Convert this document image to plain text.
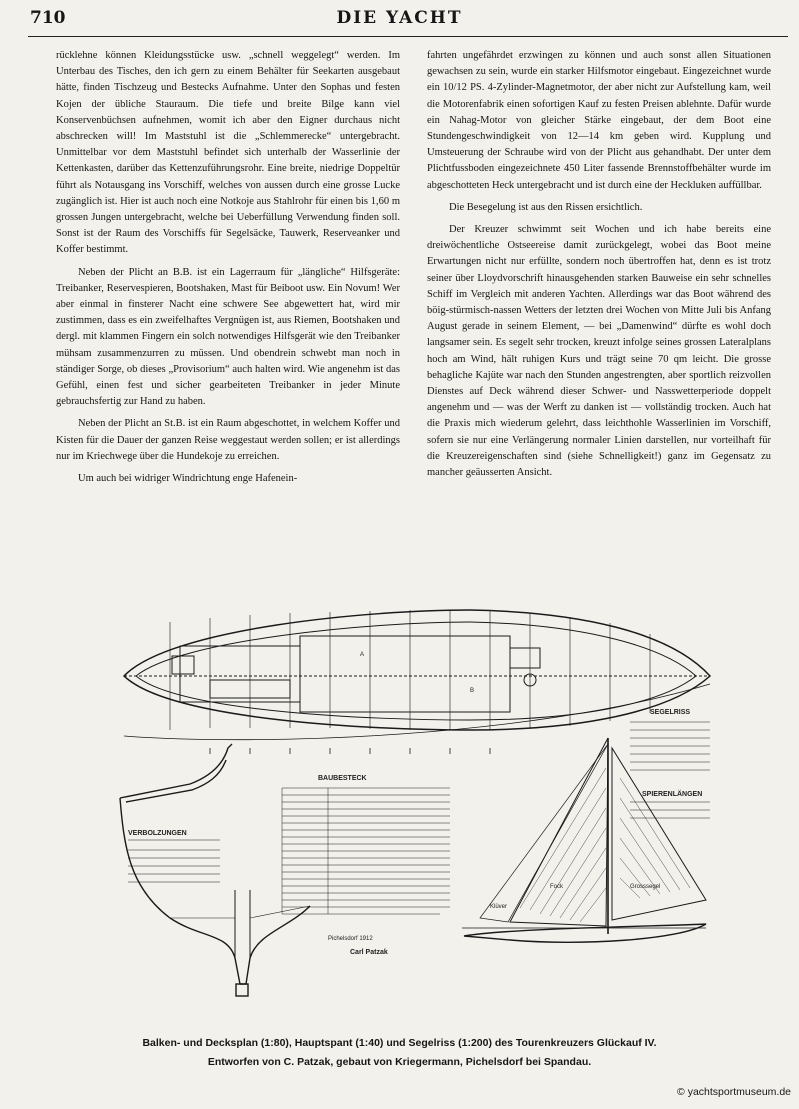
710	DIE YACHT

rücklehne können Kleidungsstücke usw. „schnell weggelegt“ werden. Im Unterbau des Tisches, den ich gern zu einem Behälter für Seekarten ausgebaut hätte, finden Tischzeug und Bestecks Aufnahme. Unter den Sophas und festen Kojen der übliche Stauraum. Die tiefe und breite Bilge kann viel Konservenbüchsen aufnehmen, womit ich aber den Eigner durchaus nicht abschrecken will! Im Maststuhl ist die „Schlemmerecke“ untergebracht. Unmittelbar vor dem Maststuhl befindet sich unterhalb der Wasserlinie der Kettenkasten, darüber das Kettenzuführungsrohr. Eine breite, niedrige Doppeltür führt als Notausgang ins Vorschiff, welches von aussen durch eine grosse Lucke zugänglich ist. Hier ist auch noch eine Notkoje aus Stahlrohr für einen bis 1,60 m grossen Jungen untergebracht, welche bei Ueberfüllung Verwendung finden soll. Sonst ist der Raum des Vorschiffs für Segelsäcke, Tauwerk, Reserveanker und Koffer bestimmt.

Neben der Plicht an B.B. ist ein Lagerraum für „längliche“ Hilfsgeräte: Treibanker, Reservespieren, Bootshaken, Mast für Beiboot usw. Ein Novum! Wer aber einmal in finsterer Nacht eine schwere See abgewettert hat, wird mir zustimmen, dass es ein zweifelhaftes Vergnügen ist, aus Riemen, Bootshaken und dergl. mit klammen Fingern ein solch notwendiges Hilfsgerät wie den Treibanker mühsam zusammenzurren zu müssen. Und obendrein schwebt man noch in ständiger Sorge, ob dieses „Provisorium“ auch halten wird. Wie angenehm ist das Gefühl, einen fest und sicher gearbeiteten Treibanker in jeder Minute gebrauchsfertig zur Hand zu haben.

Neben der Plicht an St.B. ist ein Raum abgeschottet, in welchem Koffer und Kisten für die Dauer der ganzen Reise weggestaut werden sollen; er ist allerdings nur im Kriechwege über die Hundekoje zu erreichen.

Um auch bei widriger Windrichtung enge Hafenein-

fahrten ungefährdet erzwingen zu können und auch sonst allen Situationen gewachsen zu sein, wurde ein starker Hilfsmotor eingebaut. Eingezeichnet wurde ein 10/12 PS. 4-Zylinder-Magnetmotor, der aber nicht zur Aufstellung kam, weil die Motorenfabrik einen sofortigen Kauf zu festen Preisen ablehnte. Dafür wurde ein Nahag-Motor von gleicher Stärke eingebaut, der dem Boot eine Stundengeschwindigkeit von 12—14 km geben wird. Kupplung und Umsteuerung der Schraube wird von der Plicht aus gehandhabt. Der unter dem Plichtfussboden eingezeichnete 450 Liter fassende Brennstoffbehälter wurde im abgeschotteten Heck untergebracht und ist durch eine der Heckluken auffüllbar.

Die Besegelung ist aus den Rissen ersichtlich.

Der Kreuzer schwimmt seit Wochen und ich habe bereits eine dreiwöchentliche Ostseereise damit zurückgelegt, wobei das Boot meine Erwartungen nicht nur erfüllte, sondern noch übertroffen hat, denn es ist trotz seiner über Lloydvorschrift hinausgehenden starken Bauweise ein sehr schnelles Schiff im Vergleich mit anderen Yachten. Allerdings war das Boot während des böig-stürmisch-nassen Wetters der letzten drei Wochen von Mitte Juli bis Anfang August gerade in seinem Element, — bei „Damenwind“ dürfte es wohl doch langsamer sein. Es segelt sehr trocken, kreuzt infolge seines grossen Lateralplans hoch am Wind, hält ruhigen Kurs und trägt seine 70 qm leicht. Die grosse behagliche Kajüte war nach den Stunden angestrengten, aber sportlich reizvollen Dienstes auf Deck während dieser Schwer- und Nasswetterperiode doppelt angenehm und — was der Werft zu danken ist — vollständig trocken. Auch hat die Praxis mich wiederum gelehrt, dass leichthohle Wasserlinien im Vorschiff, sofern sie nur eine Verlängerung normaler Linien darstellen, nur vorteilhaft für die Kreuzereigenschaften sind (siehe Schnelligkeit!) ganz im Gegensatz zu mancher geäusserten Ansicht.

A
B
VERBOLZUNGEN
BAUBESTECK
Pichelsdorf 1912
Carl Patzak
Fock	Grosssegel
Klüver
SEGELRISS
SPIERENLÄNGEN
Balken- und Decksplan (1:80), Hauptspant (1:40) und Segelriss (1:200) des Tourenkreuzers Glückauf IV.
Entworfen von C. Patzak, gebaut von Kriegermann, Pichelsdorf bei Spandau.
© yachtsportmuseum.de
